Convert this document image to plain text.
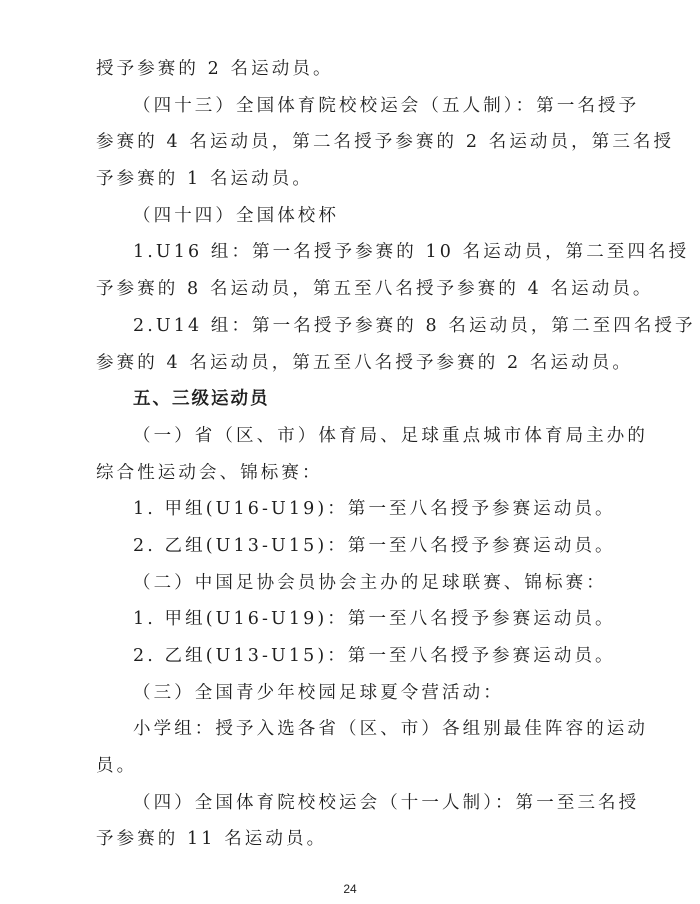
授予参赛的 2 名运动员。
（四十三）全国体育院校校运会（五人制）：第一名授予
参赛的 4 名运动员，第二名授予参赛的 2 名运动员，第三名授
予参赛的 1 名运动员。
（四十四）全国体校杯
1.U16 组：第一名授予参赛的 10 名运动员，第二至四名授
予参赛的 8 名运动员，第五至八名授予参赛的 4 名运动员。
2.U14 组：第一名授予参赛的 8 名运动员，第二至四名授予
参赛的 4 名运动员，第五至八名授予参赛的 2 名运动员。
五、三级运动员
（一）省（区、市）体育局、足球重点城市体育局主办的
综合性运动会、锦标赛：
1. 甲组(U16-U19)：第一至八名授予参赛运动员。
2. 乙组(U13-U15)：第一至八名授予参赛运动员。
（二）中国足协会员协会主办的足球联赛、锦标赛：
1. 甲组(U16-U19)：第一至八名授予参赛运动员。
2. 乙组(U13-U15)：第一至八名授予参赛运动员。
（三）全国青少年校园足球夏令营活动：
小学组：授予入选各省（区、市）各组别最佳阵容的运动
员。
（四）全国体育院校校运会（十一人制）：第一至三名授
予参赛的 11 名运动员。
24
